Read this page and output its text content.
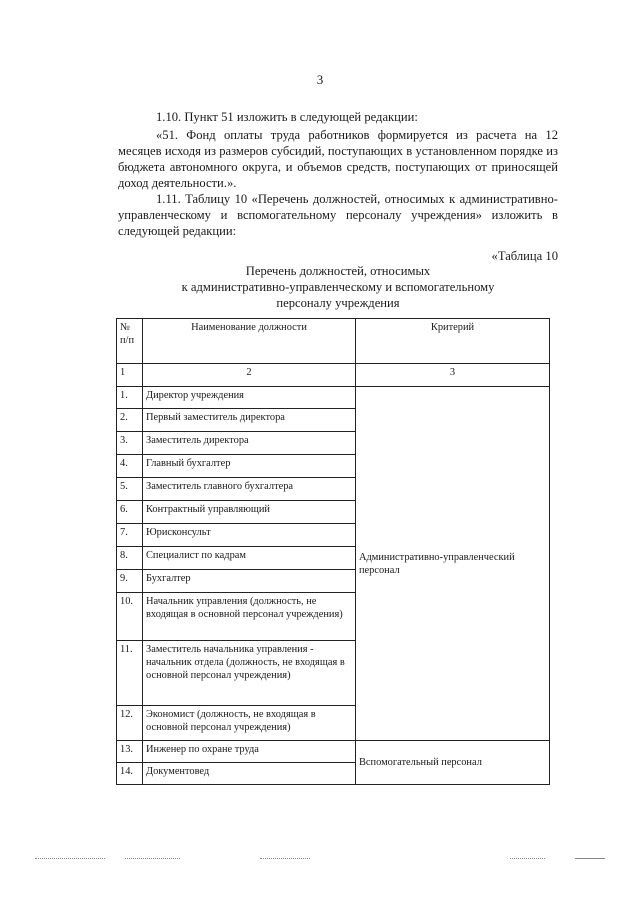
3

1.10. Пункт 51 изложить в следующей редакции:

«51. Фонд оплаты труда работников формируется из расчета на 12 месяцев исходя из размеров субсидий, поступающих в установленном порядке из бюджета автономного округа, и объемов средств, поступающих от приносящей доход деятельности.».

1.11. Таблицу 10 «Перечень должностей, относимых к административно-управленческому и вспомогательному персоналу учреждения» изложить в следующей редакции:

«Таблица 10
Перечень должностей, относимых
к административно-управленческому и вспомогательному
персоналу учреждения
№ п/п	Наименование должности	Критерий
1	2	3
1.	Директор учреждения	Административно-управленческий персонал
2.	Первый заместитель директора	
3.	Заместитель директора	
4.	Главный бухгалтер	
5.	Заместитель главного бухгалтера	
6.	Контрактный управляющий	
7.	Юрисконсульт	
8.	Специалист по кадрам	
9.	Бухгалтер	
10.	Начальник управления (должность, не входящая в основной персонал учреждения)	
11.	Заместитель начальника управления - начальник отдела (должность, не входящая в основной персонал учреждения)	
12.	Экономист (должность, не входящая в основной персонал учреждения)	
13.	Инженер по охране труда	Вспомогательный персонал
14.	Документовед	
